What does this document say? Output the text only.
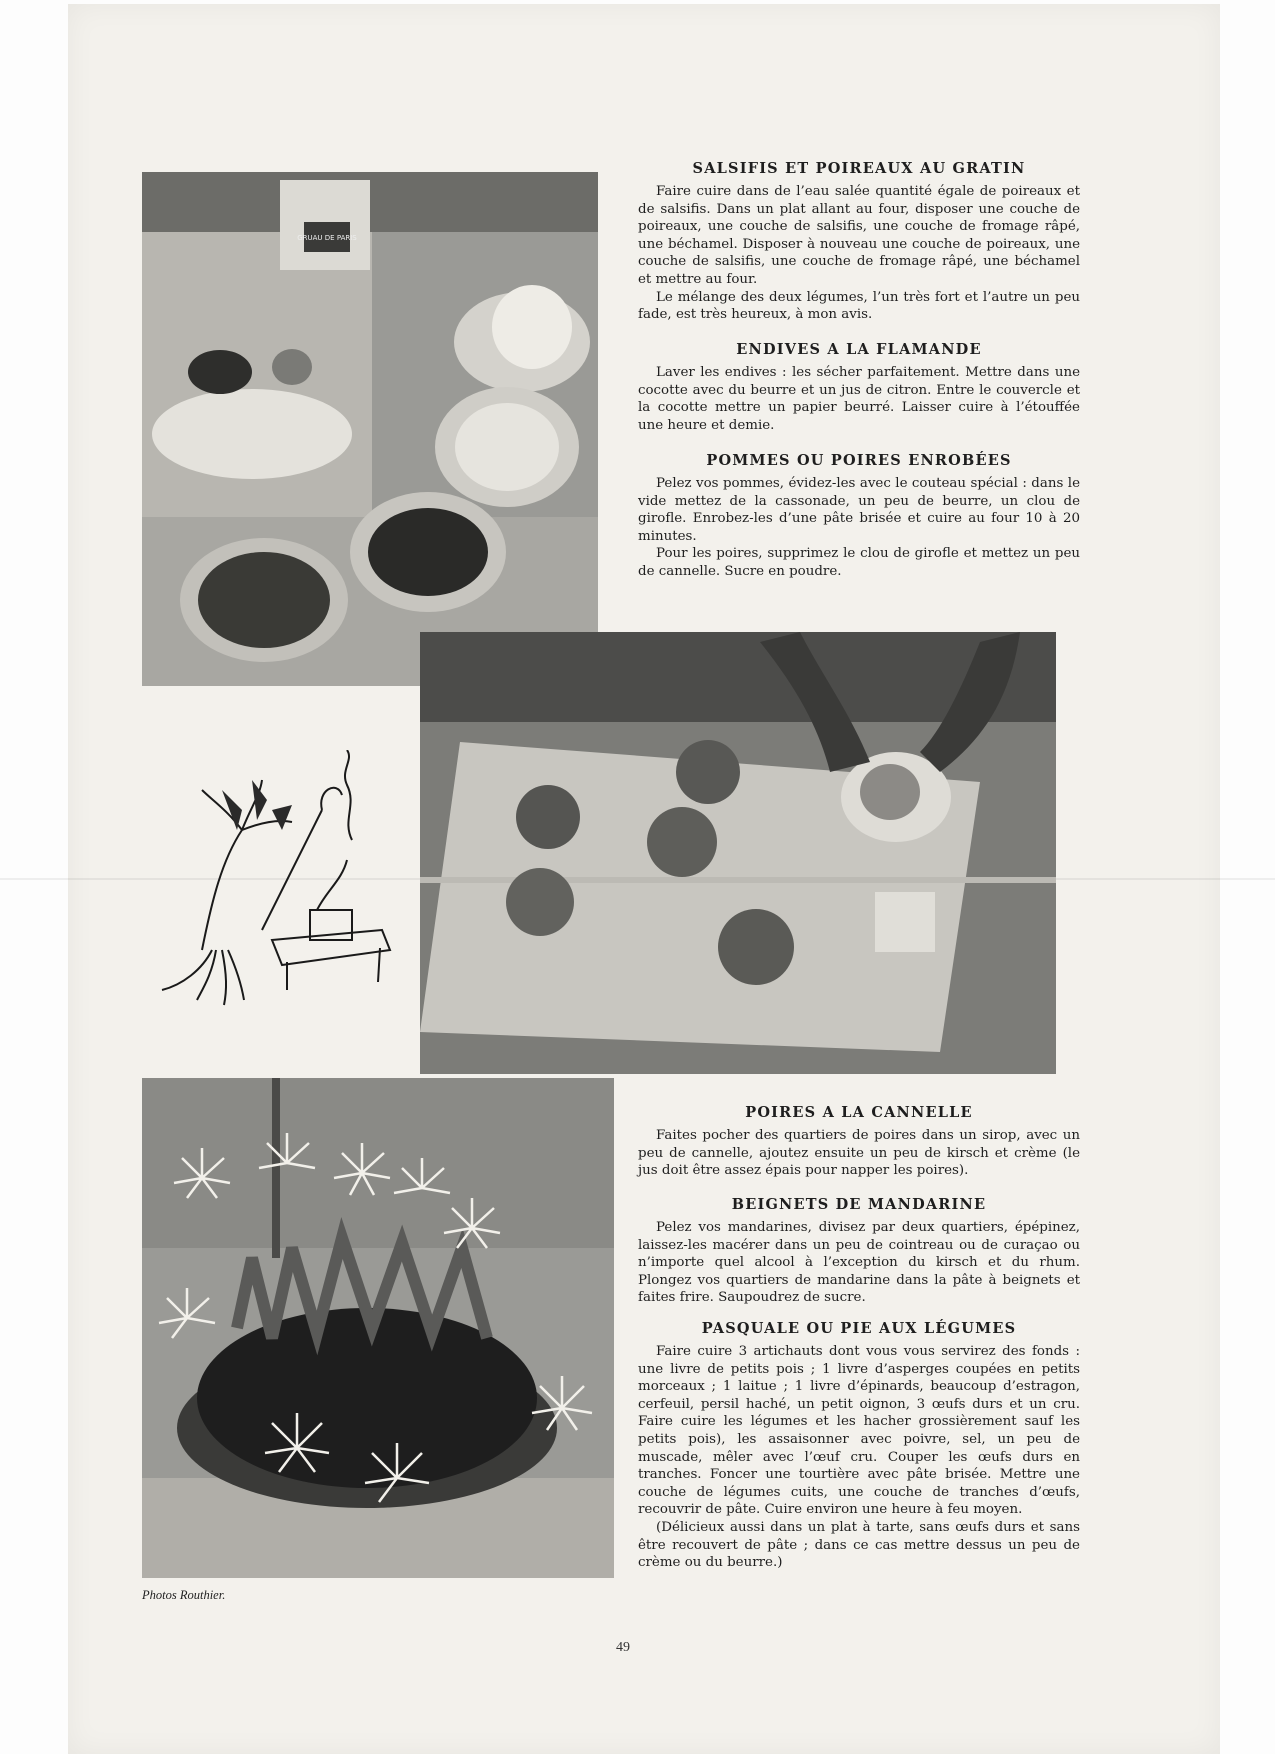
GRUAU DE PARIS
SALSIFIS ET POIREAUX AU GRATIN

Faire cuire dans de l’eau salée quantité égale de poireaux et de salsifis. Dans un plat allant au four, disposer une couche de poireaux, une couche de salsifis, une couche de fromage râpé, une béchamel. Disposer à nouveau une couche de poireaux, une couche de salsifis, une couche de fromage râpé, une béchamel et mettre au four.

Le mélange des deux légumes, l’un très fort et l’autre un peu fade, est très heureux, à mon avis.

ENDIVES A LA FLAMANDE

Laver les endives : les sécher parfaitement. Mettre dans une cocotte avec du beurre et un jus de citron. Entre le couvercle et la cocotte mettre un papier beurré. Laisser cuire à l’étouffée une heure et demie.

POMMES OU POIRES ENROBÉES

Pelez vos pommes, évidez-les avec le couteau spécial : dans le vide mettez de la cassonade, un peu de beurre, un clou de girofle. Enrobez-les d’une pâte brisée et cuire au four 10 à 20 minutes.

Pour les poires, supprimez le clou de girofle et mettez un peu de cannelle. Sucre en poudre.

POIRES A LA CANNELLE

Faites pocher des quartiers de poires dans un sirop, avec un peu de cannelle, ajoutez ensuite un peu de kirsch et crème (le jus doit être assez épais pour napper les poires).

BEIGNETS DE MANDARINE

Pelez vos mandarines, divisez par deux quartiers, épépinez, laissez-les macérer dans un peu de cointreau ou de curaçao ou n’importe quel alcool à l’exception du kirsch et du rhum. Plongez vos quartiers de mandarine dans la pâte à beignets et faites frire. Saupoudrez de sucre.

PASQUALE OU PIE AUX LÉGUMES

Faire cuire 3 artichauts dont vous vous servirez des fonds : une livre de petits pois ; 1 livre d’asperges coupées en petits morceaux ; 1 laitue ; 1 livre d’épinards, beaucoup d’estragon, cerfeuil, persil haché, un petit oignon, 3 œufs durs et un cru. Faire cuire les légumes et les hacher grossièrement sauf les petits pois), les assaisonner avec poivre, sel, un peu de muscade, mêler avec l’œuf cru. Couper les œufs durs en tranches. Foncer une tourtière avec pâte brisée. Mettre une couche de légumes cuits, une couche de tranches d’œufs, recouvrir de pâte. Cuire environ une heure à feu moyen.

(Délicieux aussi dans un plat à tarte, sans œufs durs et sans être recouvert de pâte ; dans ce cas mettre dessus un peu de crème ou du beurre.)

Photos Routhier.
49
